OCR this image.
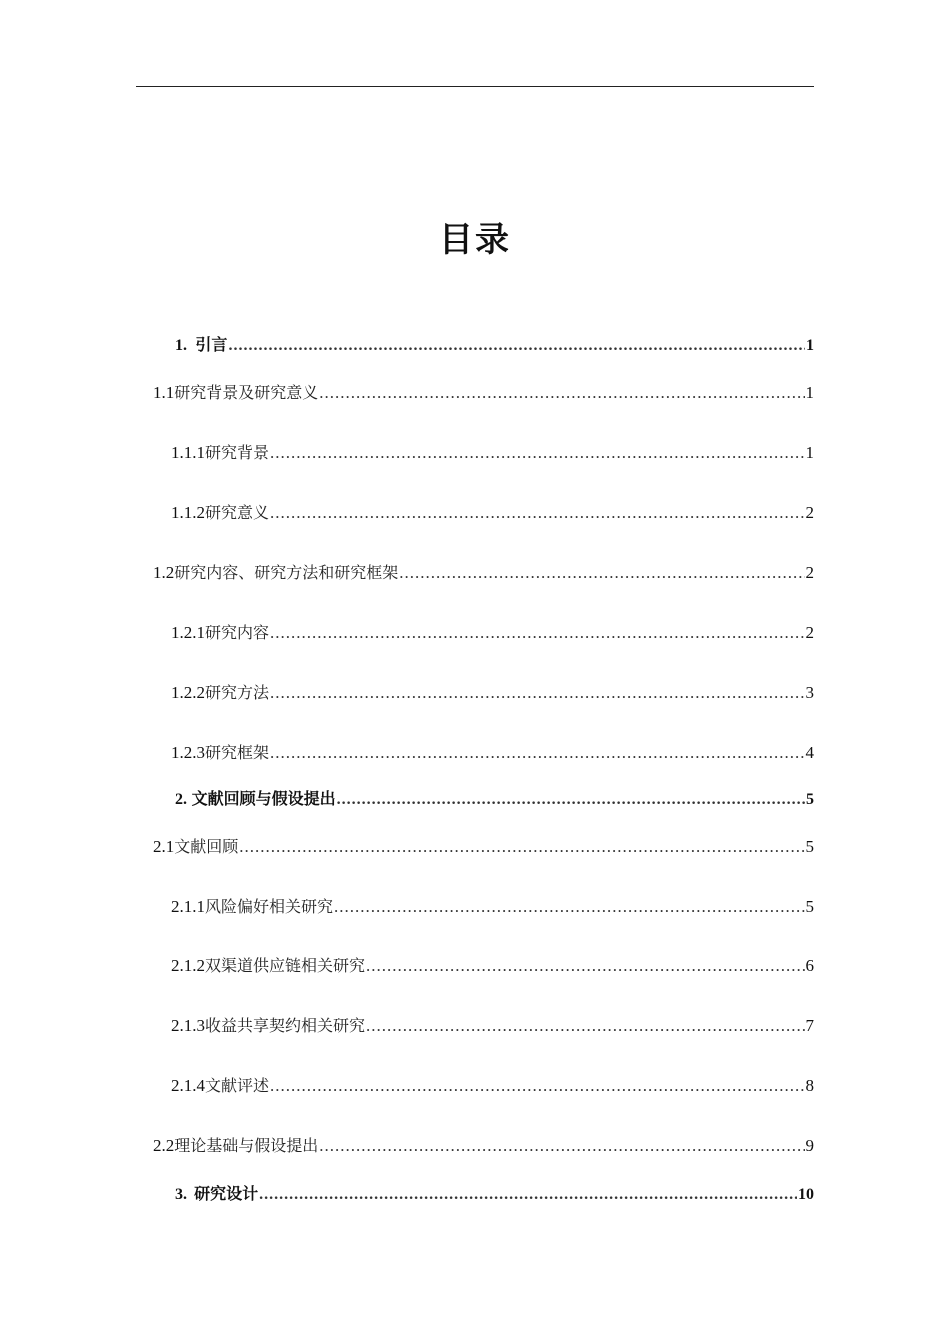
目录
1. 引言 .....	1
1.1 研究背景及研究意义 .....	1
1.1.1 研究背景 .....	1
1.1.2 研究意义 .....	2
1.2 研究内容、研究方法和研究框架 .....	2
1.2.1 研究内容 .....	2
1.2.2 研究方法 .....	3
1.2.3 研究框架 .....	4
2. 文献回顾与假设提出 .....	5
2.1 文献回顾 .....	5
2.1.1 风险偏好相关研究 .....	5
2.1.2 双渠道供应链相关研究 .....	6
2.1.3 收益共享契约相关研究 .....	7
2.1.4 文献评述 .....	8
2.2 理论基础与假设提出 .....	9
3. 研究设计 .....	10
